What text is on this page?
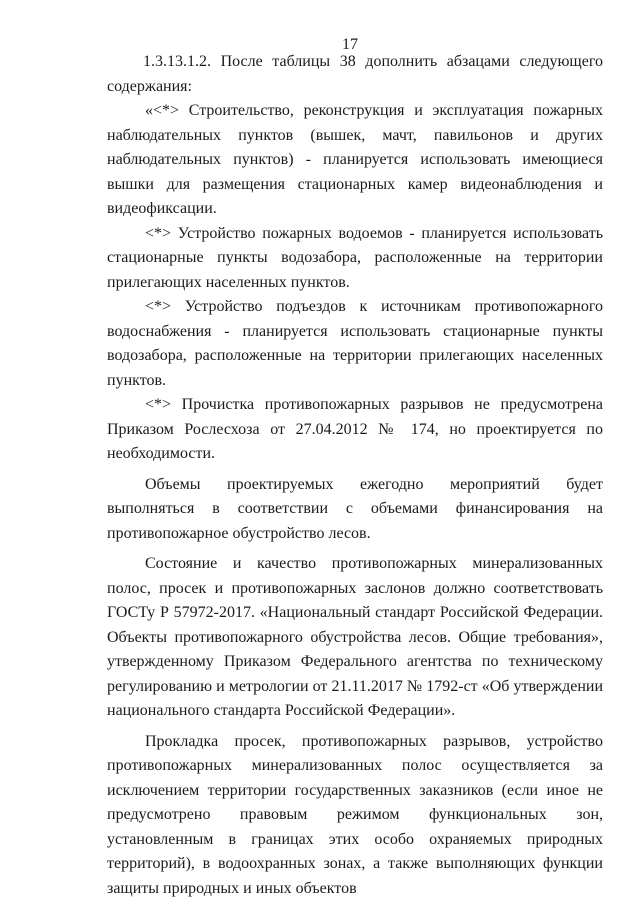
17

1.3.13.1.2. После таблицы 38 дополнить абзацами следующего содержания:

«<*> Строительство, реконструкция и эксплуатация пожарных наблюдательных пунктов (вышек, мачт, павильонов и других наблюдательных пунктов) - планируется использовать имеющиеся вышки для размещения стационарных камер видеонаблюдения и видеофиксации.

<*> Устройство пожарных водоемов - планируется использовать стационарные пункты водозабора, расположенные на территории прилегающих населенных пунктов.

<*> Устройство подъездов к источникам противопожарного водоснабжения - планируется использовать стационарные пункты водозабора, расположенные на территории прилегающих населенных пунктов.

<*> Прочистка противопожарных разрывов не предусмотрена Приказом Рослесхоза от 27.04.2012 № 174, но проектируется по необходимости.

Объемы проектируемых ежегодно мероприятий будет выполняться в соответствии с объемами финансирования на противопожарное обустройство лесов.

Состояние и качество противопожарных минерализованных полос, просек и противопожарных заслонов должно соответствовать ГОСТу Р 57972-2017. «Национальный стандарт Российской Федерации. Объекты противопожарного обустройства лесов. Общие требования», утвержденному Приказом Федерального агентства по техническому регулированию и метрологии от 21.11.2017 № 1792-ст «Об утверждении национального стандарта Российской Федерации».

Прокладка просек, противопожарных разрывов, устройство противопожарных минерализованных полос осуществляется за исключением территории государственных заказников (если иное не предусмотрено правовым режимом функциональных зон, установленным в границах этих особо охраняемых природных территорий), в водоохранных зонах, а также выполняющих функции защиты природных и иных объектов
